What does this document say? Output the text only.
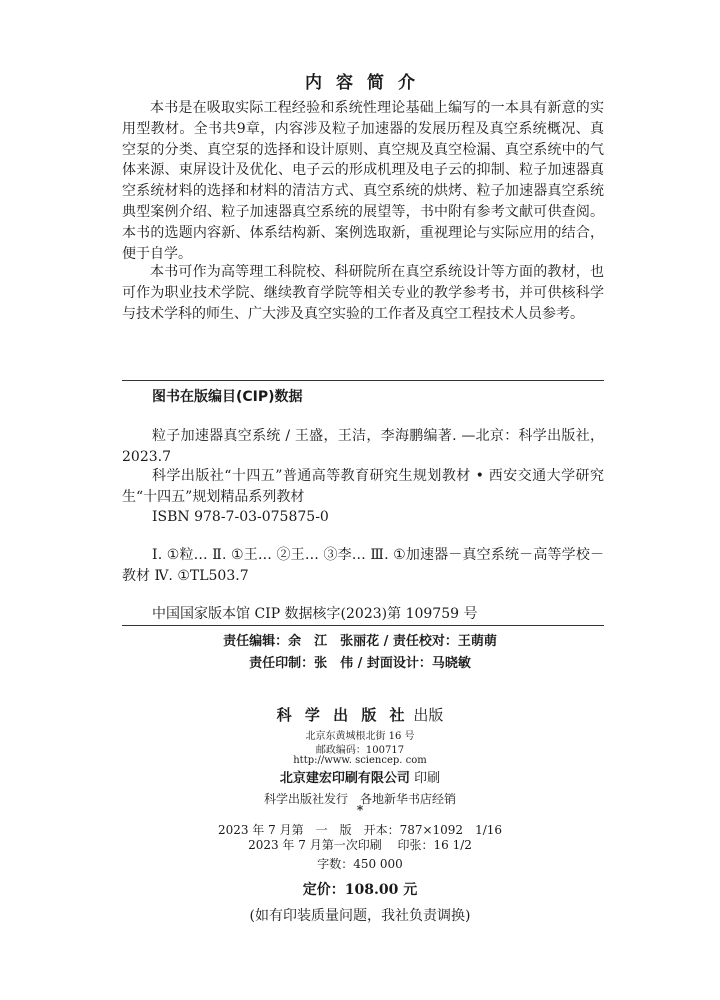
内容简介

本书是在吸取实际工程经验和系统性理论基础上编写的一本具有新意的实用型教材。全书共9章，内容涉及粒子加速器的发展历程及真空系统概况、真空泵的分类、真空泵的选择和设计原则、真空规及真空检漏、真空系统中的气体来源、束屏设计及优化、电子云的形成机理及电子云的抑制、粒子加速器真空系统材料的选择和材料的清洁方式、真空系统的烘烤、粒子加速器真空系统典型案例介绍、粒子加速器真空系统的展望等，书中附有参考文献可供查阅。本书的选题内容新、体系结构新、案例选取新，重视理论与实际应用的结合，便于自学。

本书可作为高等理工科院校、科研院所在真空系统设计等方面的教材，也可作为职业技术学院、继续教育学院等相关专业的教学参考书，并可供核科学与技术学科的师生、广大涉及真空实验的工作者及真空工程技术人员参考。

图书在版编目(CIP)数据

粒子加速器真空系统 / 王盛，王洁，李海鹏编著. —北京：科学出版社，2023.7

科学出版社“十四五”普通高等教育研究生规划教材 • 西安交通大学研究生“十四五”规划精品系列教材

ISBN 978-7-03-075875-0

Ⅰ. ①粒… Ⅱ. ①王… ②王… ③李… Ⅲ. ①加速器－真空系统－高等学校－教材 Ⅳ. ①TL503.7

中国国家版本馆 CIP 数据核字(2023)第 109759 号

责任编辑：余　江　张丽花 / 责任校对：王萌萌
责任印制：张　伟 / 封面设计：马晓敏
科 学 出 版 社 出版
北京东黄城根北街 16 号
邮政编码：100717
http://www. sciencep. com
北京建宏印刷有限公司 印刷
科学出版社发行　各地新华书店经销
*
2023 年 7 月第　一　版　开本：787×1092　1/16
2023 年 7 月第一次印刷　 印张：16 1/2
字数：450 000
定价：108.00 元
(如有印装质量问题，我社负责调换)
